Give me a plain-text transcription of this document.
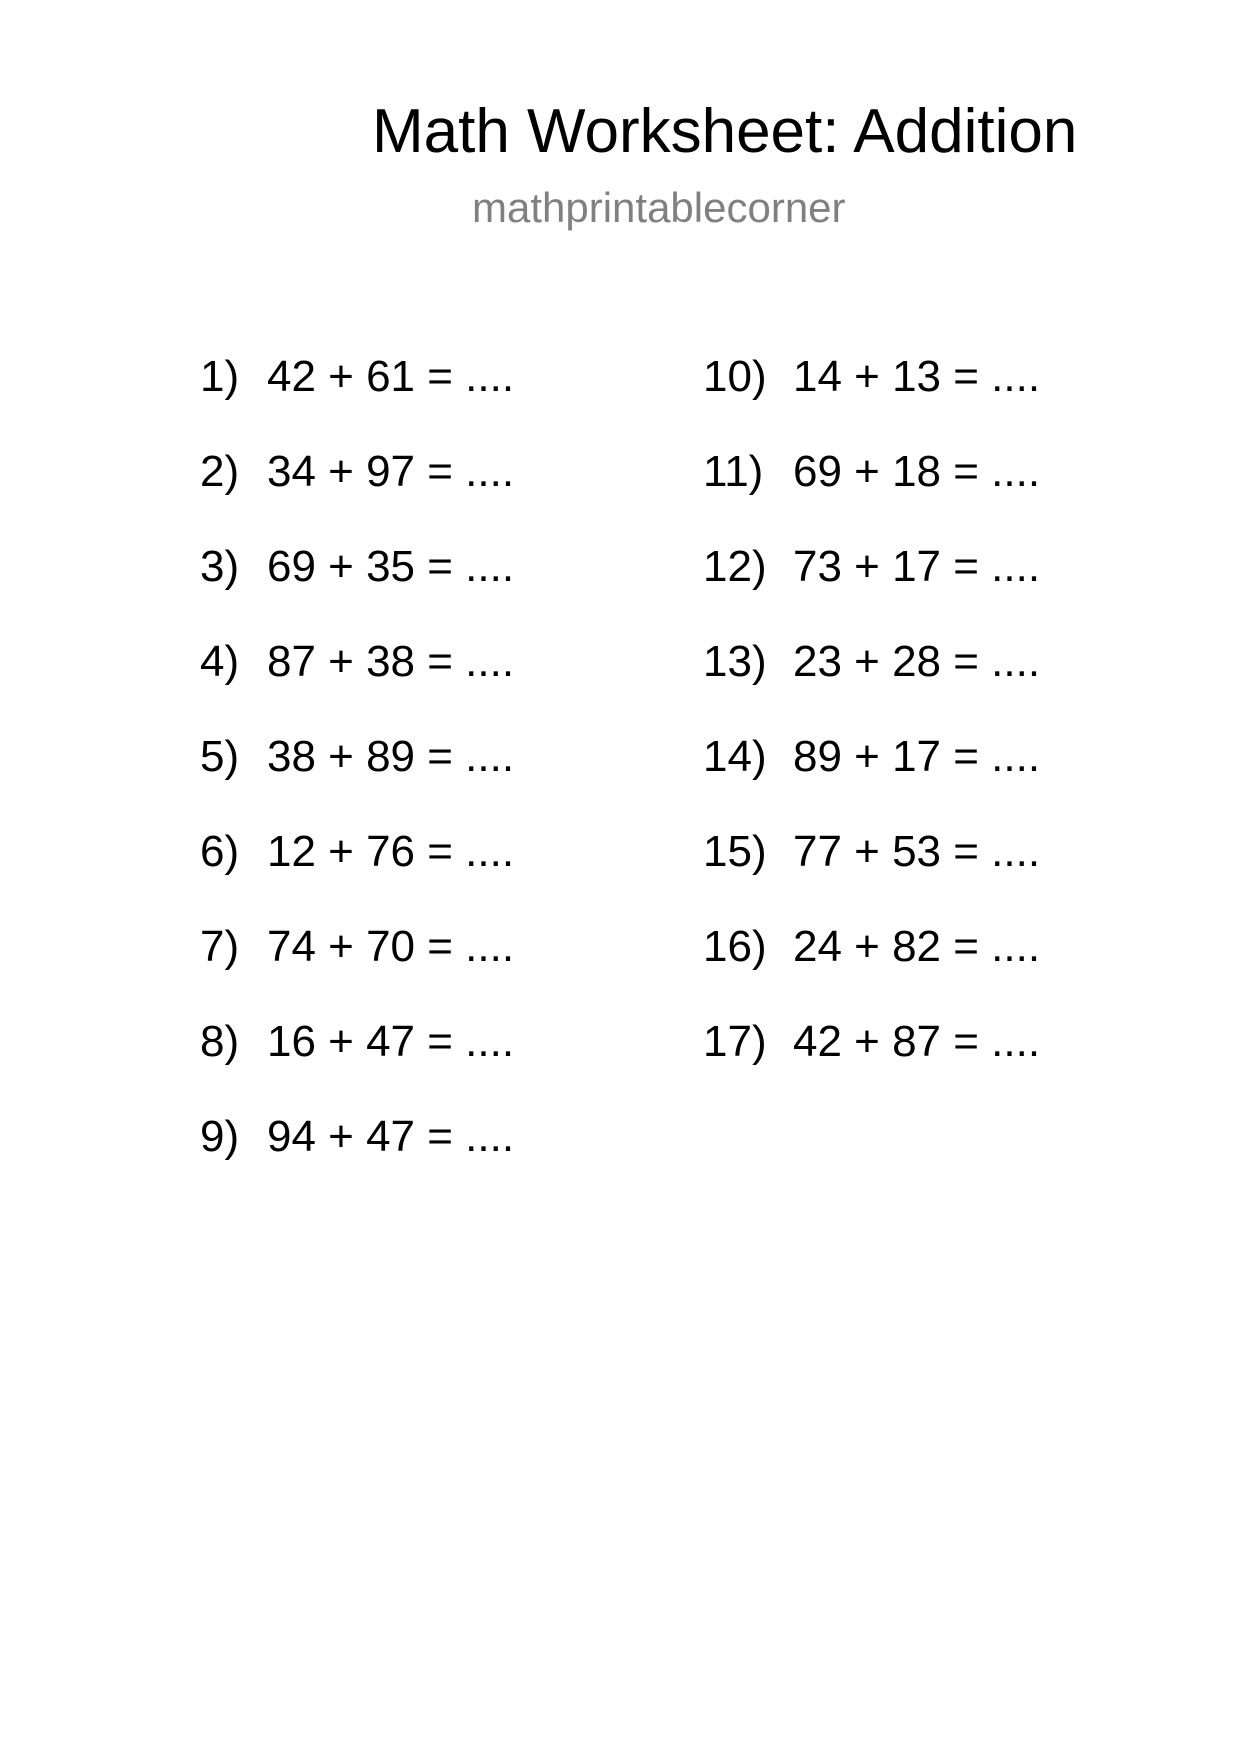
Math Worksheet: Addition
mathprintablecorner
1) 42 + 61 = ....
2) 34 + 97 = ....
3) 69 + 35 = ....
4) 87 + 38 = ....
5) 38 + 89 = ....
6) 12 + 76 = ....
7) 74 + 70 = ....
8) 16 + 47 = ....
9) 94 + 47 = ....
10) 14 + 13 = ....
11) 69 + 18 = ....
12) 73 + 17 = ....
13) 23 + 28 = ....
14) 89 + 17 = ....
15) 77 + 53 = ....
16) 24 + 82 = ....
17) 42 + 87 = ....
